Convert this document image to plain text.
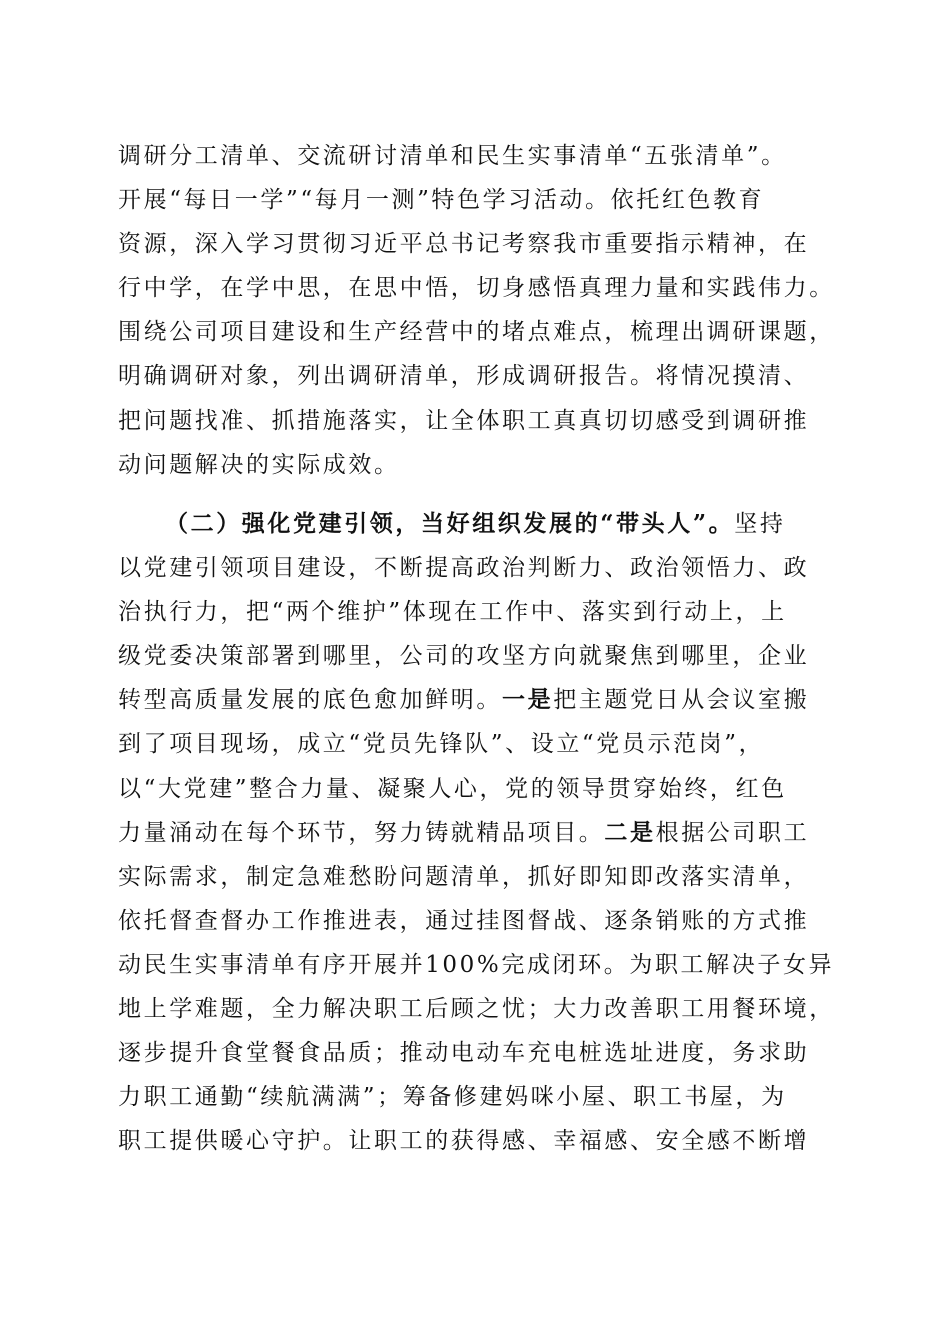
调研分工清单、交流研讨清单和民生实事清单“五张清单”。
开展“每日一学”“每月一测”特色学习活动。依托红色教育
资源，深入学习贯彻习近平总书记考察我市重要指示精神，在
行中学，在学中思，在思中悟，切身感悟真理力量和实践伟力。
围绕公司项目建设和生产经营中的堵点难点，梳理出调研课题，
明确调研对象，列出调研清单，形成调研报告。将情况摸清、
把问题找准、抓措施落实，让全体职工真真切切感受到调研推
动问题解决的实际成效。
（二）强化党建引领，当好组织发展的“带头人”。坚持
以党建引领项目建设，不断提高政治判断力、政治领悟力、政
治执行力，把“两个维护”体现在工作中、落实到行动上，上
级党委决策部署到哪里，公司的攻坚方向就聚焦到哪里，企业
转型高质量发展的底色愈加鲜明。一是把主题党日从会议室搬
到了项目现场，成立“党员先锋队”、设立“党员示范岗”，
以“大党建”整合力量、凝聚人心，党的领导贯穿始终，红色
力量涌动在每个环节，努力铸就精品项目。二是根据公司职工
实际需求，制定急难愁盼问题清单，抓好即知即改落实清单，
依托督查督办工作推进表，通过挂图督战、逐条销账的方式推
动民生实事清单有序开展并100%完成闭环。为职工解决子女异
地上学难题，全力解决职工后顾之忧；大力改善职工用餐环境，
逐步提升食堂餐食品质；推动电动车充电桩选址进度，务求助
力职工通勤“续航满满”；筹备修建妈咪小屋、职工书屋，为
职工提供暖心守护。让职工的获得感、幸福感、安全感不断增
